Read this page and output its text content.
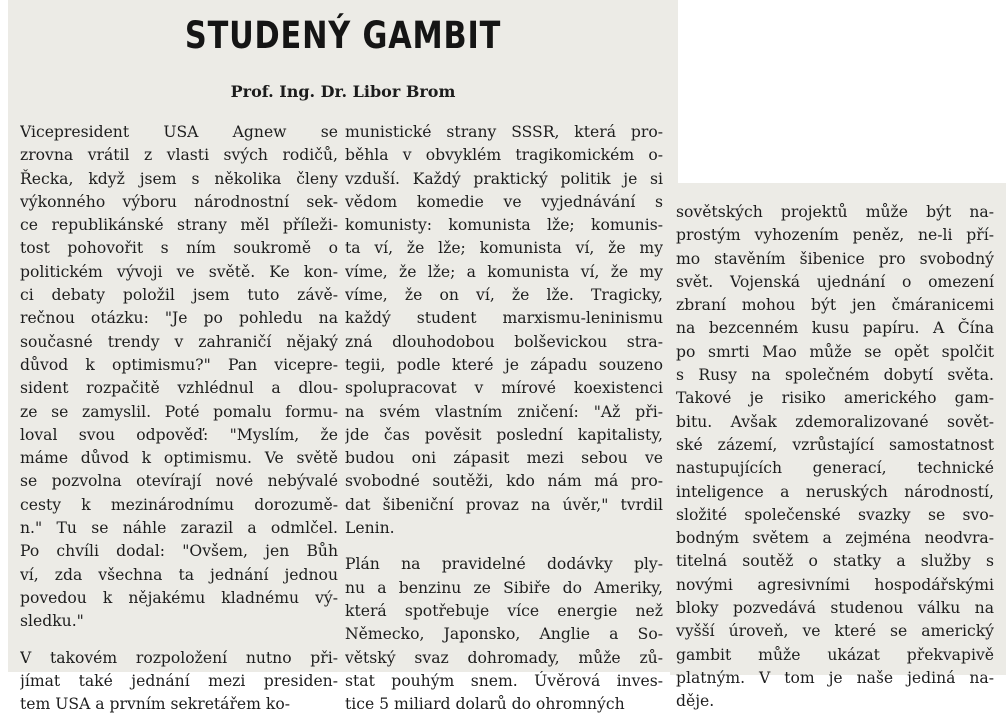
STUDENÝ GAMBIT
Prof. Ing. Dr. Libor Brom
Vicepresident USA Agnew se
zrovna vrátil z vlasti svých rodičů,
Řecka, když jsem s několika členy
výkonného výboru národnostní sek-
ce republikánské strany měl příleži-
tost pohovořit s ním soukromě o
politickém vývoji ve světě. Ke kon-
ci debaty položil jsem tuto závě-
rečnou otázku: "Je po pohledu na
současné trendy v zahraničí nějaký
důvod k optimismu?" Pan vicepre-
sident rozpačitě vzhlédnul a dlou-
ze se zamyslil. Poté pomalu formu-
loval svou odpověď: "Myslím, že
máme důvod k optimismu. Ve světě
se pozvolna otevírají nové nebývalé
cesty k mezinárodnímu dorozumě-
n." Tu se náhle zarazil a odmlčel.
Po chvíli dodal: "Ovšem, jen Bůh
ví, zda všechna ta jednání jednou
povedou k nějakému kladnému vý-
sledku."
V takovém rozpoložení nutno při-
jímat také jednání mezi presiden-
tem USA a prvním sekretářem ko-
munistické strany SSSR, která pro-
běhla v obvyklém tragikomickém o-
vzduší. Každý praktický politik je si
vědom komedie ve vyjednávání s
komunisty: komunista lže; komunis-
ta ví, že lže; komunista ví, že my
víme, že lže; a komunista ví, že my
víme, že on ví, že lže. Tragicky,
každý student marxismu-leninismu
zná dlouhodobou bolševickou stra-
tegii, podle které je západu souzeno
spolupracovat v mírové koexistenci
na svém vlastním zničení: "Až při-
jde čas pověsit poslední kapitalisty,
budou oni zápasit mezi sebou ve
svobodné soutěži, kdo nám má pro-
dat šibeniční provaz na úvěr," tvrdil
Lenin.
Plán na pravidelné dodávky ply-
nu a benzinu ze Sibiře do Ameriky,
která spotřebuje více energie než
Německo, Japonsko, Anglie a So-
větský svaz dohromady, může zů-
stat pouhým snem. Úvěrová inves-
tice 5 miliard dolarů do ohromných
sovětských projektů může být na-
prostým vyhozením peněz, ne-li pří-
mo stavěním šibenice pro svobodný
svět. Vojenská ujednání o omezení
zbraní mohou být jen čmáranicemi
na bezcenném kusu papíru. A Čína
po smrti Mao může se opět spolčit
s Rusy na společném dobytí světa.
Takové je risiko amerického gam-
bitu. Avšak zdemoralizované sovět-
ské zázemí, vzrůstající samostatnost
nastupujících generací, technické
inteligence a neruských národností,
složité společenské svazky se svo-
bodným světem a zejména neodvra-
titelná soutěž o statky a služby s
novými agresivními hospodářskými
bloky pozvedává studenou válku na
vyšší úroveň, ve které se americký
gambit může ukázat překvapivě
platným. V tom je naše jediná na-
děje.
